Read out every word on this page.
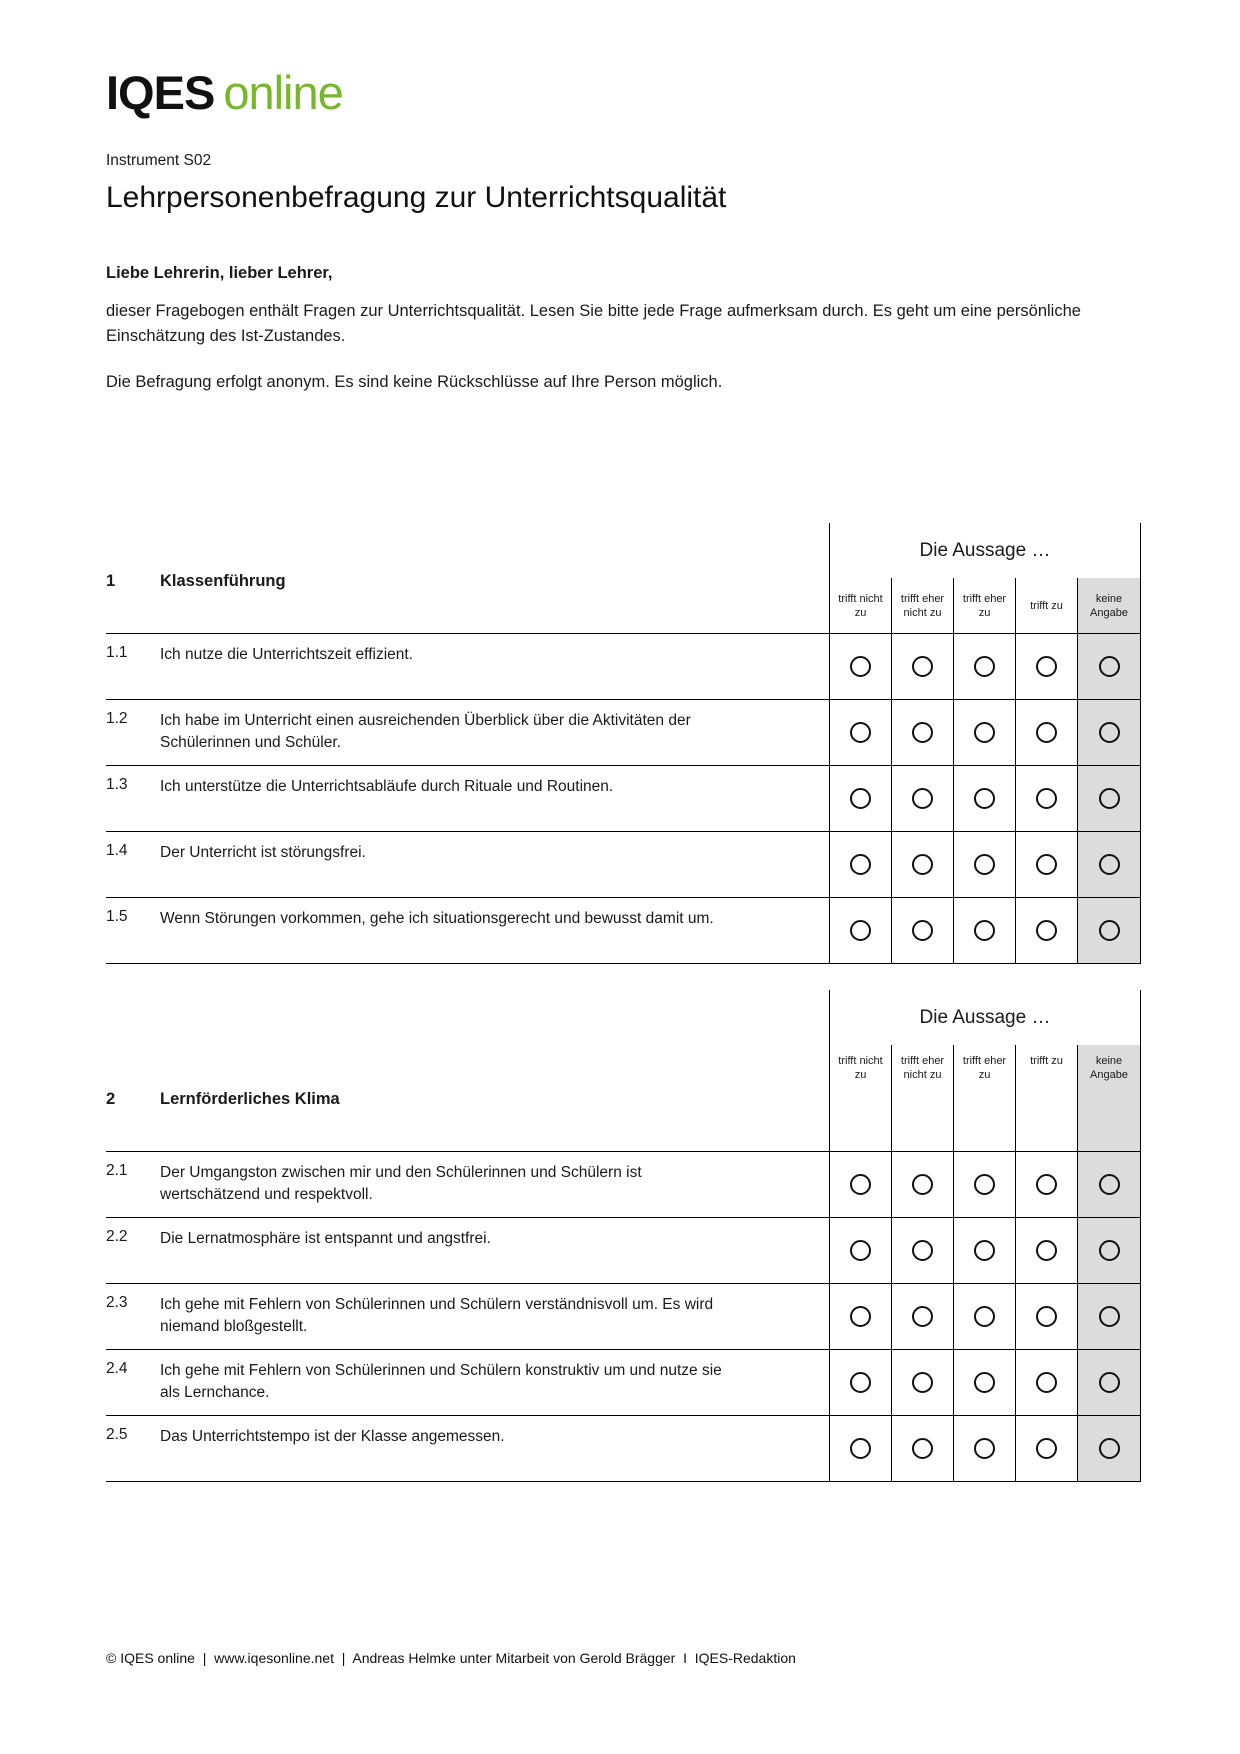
IQES online
Instrument S02
Lehrpersonenbefragung zur Unterrichtsqualität
Liebe Lehrerin, lieber Lehrer,

dieser Fragebogen enthält Fragen zur Unterrichtsqualität. Lesen Sie bitte jede Frage aufmerksam durch. Es geht um eine persönliche Einschätzung des Ist-Zustandes.

Die Befragung erfolgt anonym. Es sind keine Rückschlüsse auf Ihre Person möglich.

1	Klassenführung
Die Aussage …
trifft nicht zu
trifft eher nicht zu
trifft eher zu
trifft zu
keine Angabe
1.1	Ich nutze die Unterrichtszeit effizient.
1.2	Ich habe im Unterricht einen ausreichenden Überblick über die Aktivitäten der Schülerinnen und Schüler.
1.3	Ich unterstütze die Unterrichtsabläufe durch Rituale und Routinen.
1.4	Der Unterricht ist störungsfrei.
1.5	Wenn Störungen vorkommen, gehe ich situationsgerecht und bewusst damit um.
2	Lernförderliches Klima
Die Aussage …
trifft nicht zu
trifft eher nicht zu
trifft eher zu
trifft zu	keine Angabe
2.1	Der Umgangston zwischen mir und den Schülerinnen und Schülern ist wertschätzend und respektvoll.
2.2	Die Lernatmosphäre ist entspannt und angstfrei.
2.3	Ich gehe mit Fehlern von Schülerinnen und Schülern verständnisvoll um. Es wird niemand bloßgestellt.
2.4	Ich gehe mit Fehlern von Schülerinnen und Schülern konstruktiv um und nutze sie als Lernchance.
2.5	Das Unterrichtstempo ist der Klasse angemessen.
© IQES online  |  www.iqesonline.net  |  Andreas Helmke unter Mitarbeit von Gerold Brägger  I  IQES-Redaktion
